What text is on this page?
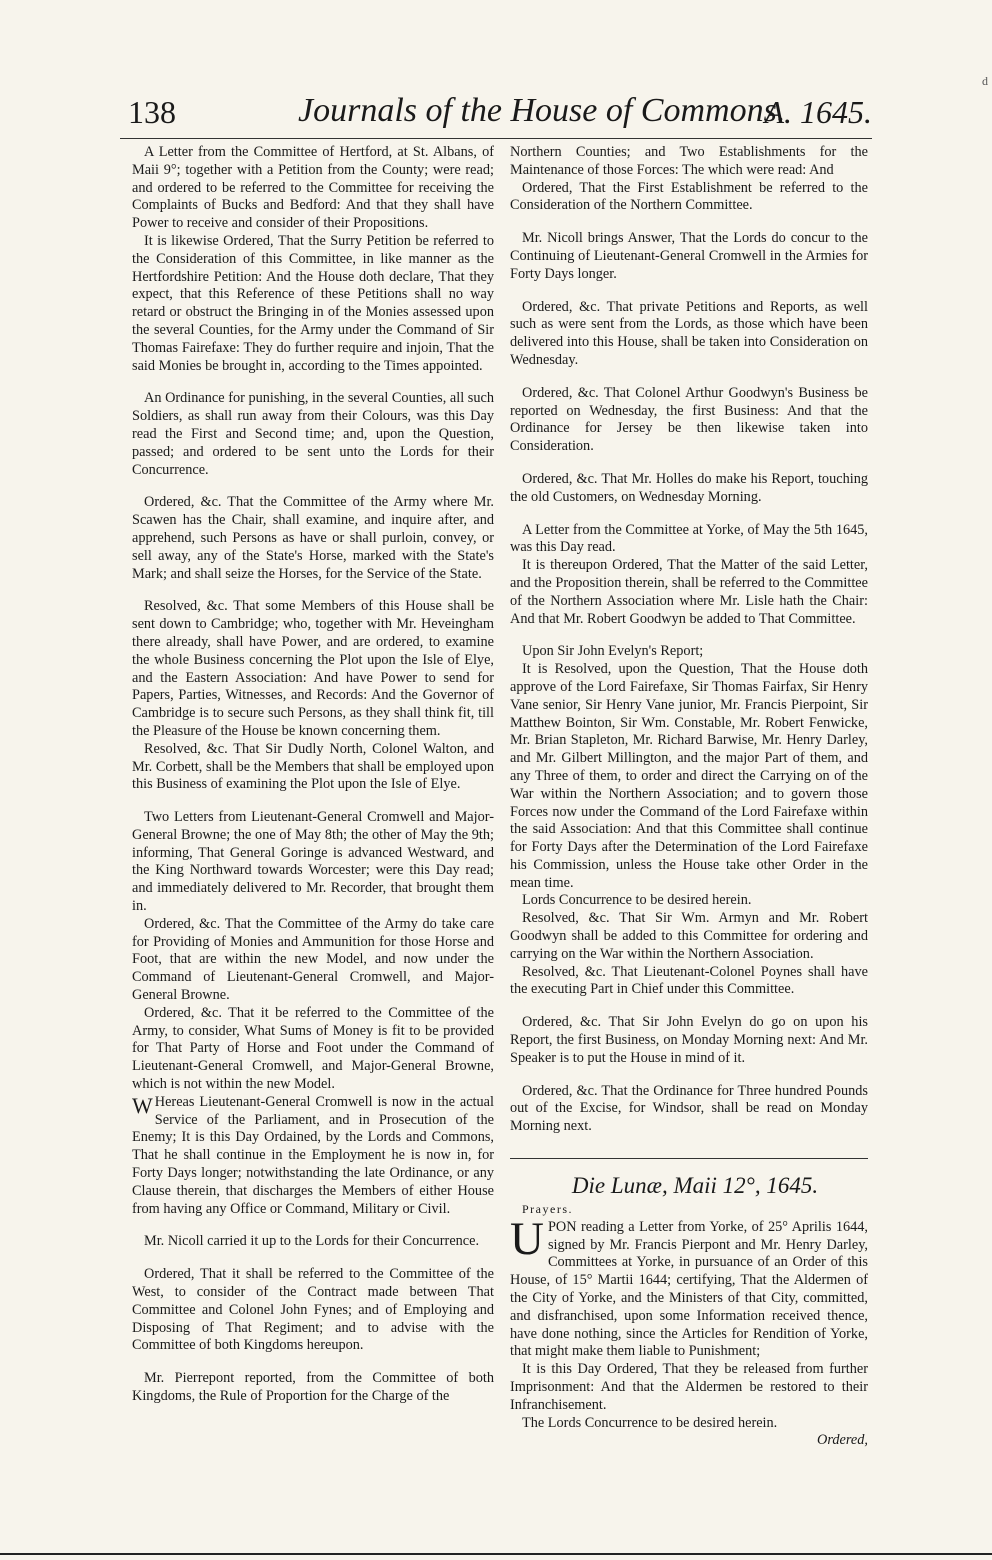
d
138	Journals of the House of Commons.
A. 1645.

A Letter from the Committee of Hertford, at St. Albans, of Maii 9°; together with a Petition from the County; were read; and ordered to be referred to the Committee for receiving the Complaints of Bucks and Bedford: And that they shall have Power to receive and consider of their Propositions.

It is likewise Ordered, That the Surry Petition be referred to the Consideration of this Committee, in like manner as the Hertfordshire Petition: And the House doth declare, That they expect, that this Reference of these Petitions shall no way retard or obstruct the Bringing in of the Monies assessed upon the several Counties, for the Army under the Command of Sir Thomas Fairefaxe: They do further require and injoin, That the said Monies be brought in, according to the Times appointed.

An Ordinance for punishing, in the several Counties, all such Soldiers, as shall run away from their Colours, was this Day read the First and Second time; and, upon the Question, passed; and ordered to be sent unto the Lords for their Concurrence.

Ordered, &c. That the Committee of the Army where Mr. Scawen has the Chair, shall examine, and inquire after, and apprehend, such Persons as have or shall purloin, convey, or sell away, any of the State's Horse, marked with the State's Mark; and shall seize the Horses, for the Service of the State.

Resolved, &c. That some Members of this House shall be sent down to Cambridge; who, together with Mr. Heveingham there already, shall have Power, and are ordered, to examine the whole Business concerning the Plot upon the Isle of Elye, and the Eastern Association: And have Power to send for Papers, Parties, Witnesses, and Records: And the Governor of Cambridge is to secure such Persons, as they shall think fit, till the Pleasure of the House be known concerning them.

Resolved, &c. That Sir Dudly North, Colonel Walton, and Mr. Corbett, shall be the Members that shall be employed upon this Business of examining the Plot upon the Isle of Elye.

Two Letters from Lieutenant-General Cromwell and Major-General Browne; the one of May 8th; the other of May the 9th; informing, That General Goringe is advanced Westward, and the King Northward towards Worcester; were this Day read; and immediately delivered to Mr. Recorder, that brought them in.

Ordered, &c. That the Committee of the Army do take care for Providing of Monies and Ammunition for those Horse and Foot, that are within the new Model, and now under the Command of Lieutenant-General Cromwell, and Major-General Browne.

Ordered, &c. That it be referred to the Committee of the Army, to consider, What Sums of Money is fit to be provided for That Party of Horse and Foot under the Command of Lieutenant-General Cromwell, and Major-General Browne, which is not within the new Model.

W Hereas Lieutenant-General Cromwell is now in the actual Service of the Parliament, and in Prosecution of the Enemy; It is this Day Ordained, by the Lords and Commons, That he shall continue in the Employment he is now in, for Forty Days longer; notwithstanding the late Ordinance, or any Clause therein, that discharges the Members of either House from having any Office or Command, Military or Civil.

Mr. Nicoll carried it up to the Lords for their Concurrence.

Ordered, That it shall be referred to the Committee of the West, to consider of the Contract made between That Committee and Colonel John Fynes; and of Employing and Disposing of That Regiment; and to advise with the Committee of both Kingdoms hereupon.

Mr. Pierrepont reported, from the Committee of both Kingdoms, the Rule of Proportion for the Charge of the

Northern Counties; and Two Establishments for the Maintenance of those Forces: The which were read: And

Ordered, That the First Establishment be referred to the Consideration of the Northern Committee.

Mr. Nicoll brings Answer, That the Lords do concur to the Continuing of Lieutenant-General Cromwell in the Armies for Forty Days longer.

Ordered, &c. That private Petitions and Reports, as well such as were sent from the Lords, as those which have been delivered into this House, shall be taken into Consideration on Wednesday.

Ordered, &c. That Colonel Arthur Goodwyn's Business be reported on Wednesday, the first Business: And that the Ordinance for Jersey be then likewise taken into Consideration.

Ordered, &c. That Mr. Holles do make his Report, touching the old Customers, on Wednesday Morning.

A Letter from the Committee at Yorke, of May the 5th 1645, was this Day read.

It is thereupon Ordered, That the Matter of the said Letter, and the Proposition therein, shall be referred to the Committee of the Northern Association where Mr. Lisle hath the Chair: And that Mr. Robert Goodwyn be added to That Committee.

Upon Sir John Evelyn's Report;

It is Resolved, upon the Question, That the House doth approve of the Lord Fairefaxe, Sir Thomas Fairfax, Sir Henry Vane senior, Sir Henry Vane junior, Mr. Francis Pierpoint, Sir Matthew Bointon, Sir Wm. Constable, Mr. Robert Fenwicke, Mr. Brian Stapleton, Mr. Richard Barwise, Mr. Henry Darley, and Mr. Gilbert Millington, and the major Part of them, and any Three of them, to order and direct the Carrying on of the War within the Northern Association; and to govern those Forces now under the Command of the Lord Fairefaxe within the said Association: And that this Committee shall continue for Forty Days after the Determination of the Lord Fairefaxe his Commission, unless the House take other Order in the mean time.

Lords Concurrence to be desired herein.

Resolved, &c. That Sir Wm. Armyn and Mr. Robert Goodwyn shall be added to this Committee for ordering and carrying on the War within the Northern Association.

Resolved, &c. That Lieutenant-Colonel Poynes shall have the executing Part in Chief under this Committee.

Ordered, &c. That Sir John Evelyn do go on upon his Report, the first Business, on Monday Morning next: And Mr. Speaker is to put the House in mind of it.

Ordered, &c. That the Ordinance for Three hundred Pounds out of the Excise, for Windsor, shall be read on Monday Morning next.

Die Lunæ, Maii 12°, 1645.

Prayers.

UPON reading a Letter from Yorke, of 25° Aprilis 1644, signed by Mr. Francis Pierpont and Mr. Henry Darley, Committees at Yorke, in pursuance of an Order of this House, of 15° Martii 1644; certifying, That the Aldermen of the City of Yorke, and the Ministers of that City, committed, and disfranchised, upon some Information received thence, have done nothing, since the Articles for Rendition of Yorke, that might make them liable to Punishment;

It is this Day Ordered, That they be released from further Imprisonment: And that the Aldermen be restored to their Infranchisement.

The Lords Concurrence to be desired herein.

Ordered,
